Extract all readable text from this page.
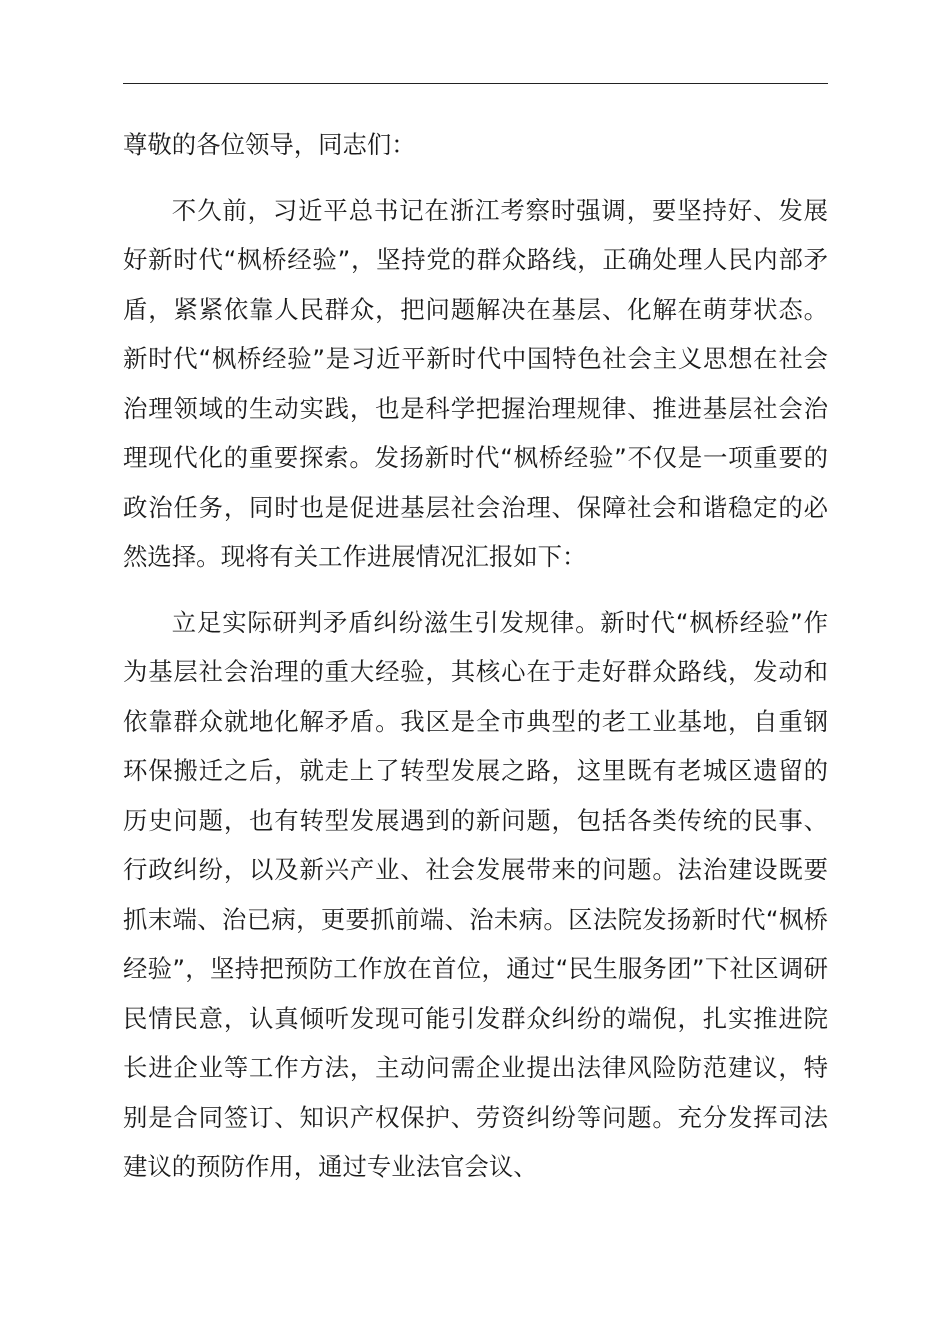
尊敬的各位领导，同志们：

不久前，习近平总书记在浙江考察时强调，要坚持好、发展好新时代“枫桥经验”，坚持党的群众路线，正确处理人民内部矛盾，紧紧依靠人民群众，把问题解决在基层、化解在萌芽状态。新时代“枫桥经验”是习近平新时代中国特色社会主义思想在社会治理领域的生动实践，也是科学把握治理规律、推进基层社会治理现代化的重要探索。发扬新时代“枫桥经验”不仅是一项重要的政治任务，同时也是促进基层社会治理、保障社会和谐稳定的必然选择。现将有关工作进展情况汇报如下：

立足实际研判矛盾纠纷滋生引发规律。新时代“枫桥经验”作为基层社会治理的重大经验，其核心在于走好群众路线，发动和依靠群众就地化解矛盾。我区是全市典型的老工业基地，自重钢环保搬迁之后，就走上了转型发展之路，这里既有老城区遗留的历史问题，也有转型发展遇到的新问题，包括各类传统的民事、行政纠纷，以及新兴产业、社会发展带来的问题。法治建设既要抓末端、治已病，更要抓前端、治未病。区法院发扬新时代“枫桥经验”，坚持把预防工作放在首位，通过“民生服务团”下社区调研民情民意，认真倾听发现可能引发群众纠纷的端倪，扎实推进院长进企业等工作方法，主动问需企业提出法律风险防范建议，特别是合同签订、知识产权保护、劳资纠纷等问题。充分发挥司法建议的预防作用，通过专业法官会议、
